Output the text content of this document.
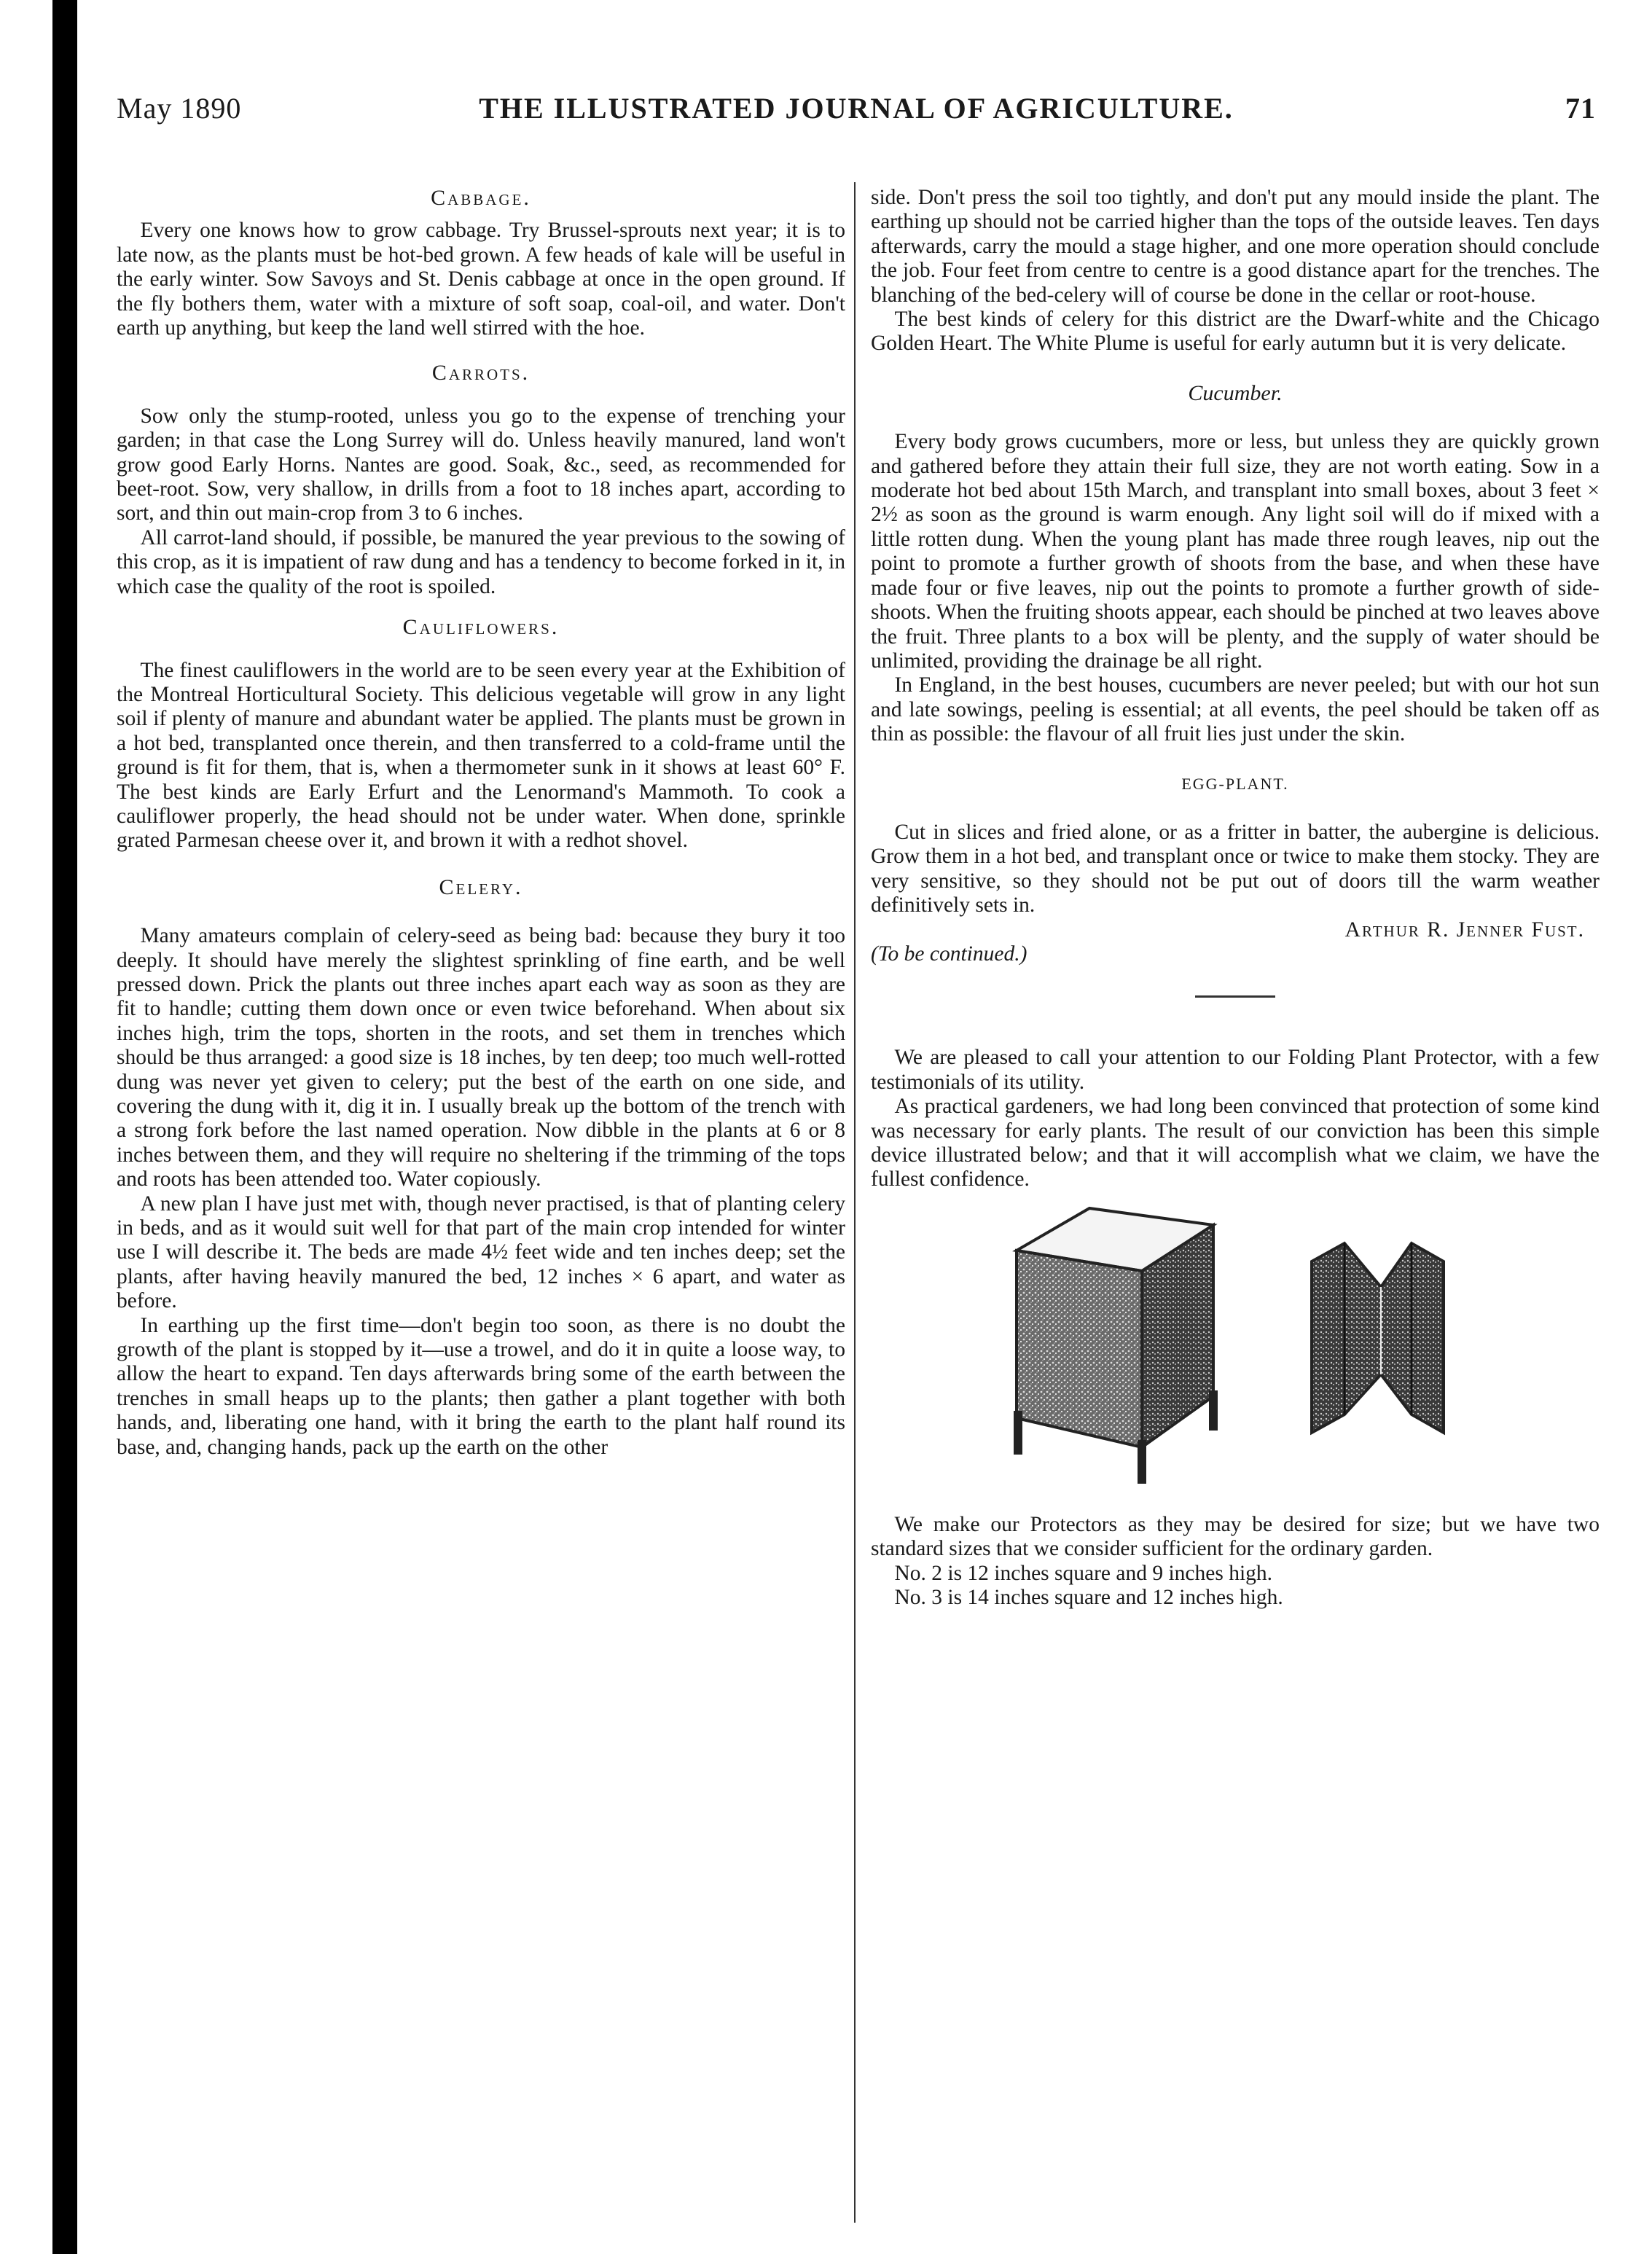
May 1890	THE ILLUSTRATED JOURNAL OF AGRICULTURE.	71
Cabbage.

Every one knows how to grow cabbage. Try Brussel-sprouts next year; it is to late now, as the plants must be hot-bed grown. A few heads of kale will be useful in the early winter. Sow Savoys and St. Denis cabbage at once in the open ground. If the fly bothers them, water with a mixture of soft soap, coal-oil, and water. Don't earth up anything, but keep the land well stirred with the hoe.

Carrots.

Sow only the stump-rooted, unless you go to the expense of trenching your garden; in that case the Long Surrey will do. Unless heavily manured, land won't grow good Early Horns. Nantes are good. Soak, &c., seed, as recommended for beet-root. Sow, very shallow, in drills from a foot to 18 inches apart, according to sort, and thin out main-crop from 3 to 6 inches.

All carrot-land should, if possible, be manured the year previous to the sowing of this crop, as it is impatient of raw dung and has a tendency to become forked in it, in which case the quality of the root is spoiled.

Cauliflowers.

The finest cauliflowers in the world are to be seen every year at the Exhibition of the Montreal Horticultural Society. This delicious vegetable will grow in any light soil if plenty of manure and abundant water be applied. The plants must be grown in a hot bed, transplanted once therein, and then transferred to a cold-frame until the ground is fit for them, that is, when a thermometer sunk in it shows at least 60° F. The best kinds are Early Erfurt and the Lenormand's Mammoth. To cook a cauliflower properly, the head should not be under water. When done, sprinkle grated Parmesan cheese over it, and brown it with a redhot shovel.

Celery.

Many amateurs complain of celery-seed as being bad: because they bury it too deeply. It should have merely the slightest sprinkling of fine earth, and be well pressed down. Prick the plants out three inches apart each way as soon as they are fit to handle; cutting them down once or even twice beforehand. When about six inches high, trim the tops, shorten in the roots, and set them in trenches which should be thus arranged: a good size is 18 inches, by ten deep; too much well-rotted dung was never yet given to celery; put the best of the earth on one side, and covering the dung with it, dig it in. I usually break up the bottom of the trench with a strong fork before the last named operation. Now dibble in the plants at 6 or 8 inches between them, and they will require no sheltering if the trimming of the tops and roots has been attended too. Water copiously.

A new plan I have just met with, though never practised, is that of planting celery in beds, and as it would suit well for that part of the main crop intended for winter use I will describe it. The beds are made 4½ feet wide and ten inches deep; set the plants, after having heavily manured the bed, 12 inches × 6 apart, and water as before.

In earthing up the first time—don't begin too soon, as there is no doubt the growth of the plant is stopped by it—use a trowel, and do it in quite a loose way, to allow the heart to expand. Ten days afterwards bring some of the earth between the trenches in small heaps up to the plants; then gather a plant together with both hands, and, liberating one hand, with it bring the earth to the plant half round its base, and, changing hands, pack up the earth on the other

side. Don't press the soil too tightly, and don't put any mould inside the plant. The earthing up should not be carried higher than the tops of the outside leaves. Ten days afterwards, carry the mould a stage higher, and one more operation should conclude the job. Four feet from centre to centre is a good distance apart for the trenches. The blanching of the bed-celery will of course be done in the cellar or root-house.

The best kinds of celery for this district are the Dwarf-white and the Chicago Golden Heart. The White Plume is useful for early autumn but it is very delicate.

Cucumber.

Every body grows cucumbers, more or less, but unless they are quickly grown and gathered before they attain their full size, they are not worth eating. Sow in a moderate hot bed about 15th March, and transplant into small boxes, about 3 feet × 2½ as soon as the ground is warm enough. Any light soil will do if mixed with a little rotten dung. When the young plant has made three rough leaves, nip out the point to promote a further growth of shoots from the base, and when these have made four or five leaves, nip out the points to promote a further growth of side-shoots. When the fruiting shoots appear, each should be pinched at two leaves above the fruit. Three plants to a box will be plenty, and the supply of water should be unlimited, providing the drainage be all right.

In England, in the best houses, cucumbers are never peeled; but with our hot sun and late sowings, peeling is essential; at all events, the peel should be taken off as thin as possible: the flavour of all fruit lies just under the skin.

EGG-PLANT.

Cut in slices and fried alone, or as a fritter in batter, the aubergine is delicious. Grow them in a hot bed, and transplant once or twice to make them stocky. They are very sensitive, so they should not be put out of doors till the warm weather definitively sets in.

Arthur R. Jenner Fust.
(To be continued.)

We are pleased to call your attention to our Folding Plant Protector, with a few testimonials of its utility.

As practical gardeners, we had long been convinced that protection of some kind was necessary for early plants. The result of our conviction has been this simple device illustrated below; and that it will accomplish what we claim, we have the fullest confidence.

We make our Protectors as they may be desired for size; but we have two standard sizes that we consider sufficient for the ordinary garden.

No. 2 is 12 inches square and 9 inches high.

No. 3 is 14 inches square and 12 inches high.
